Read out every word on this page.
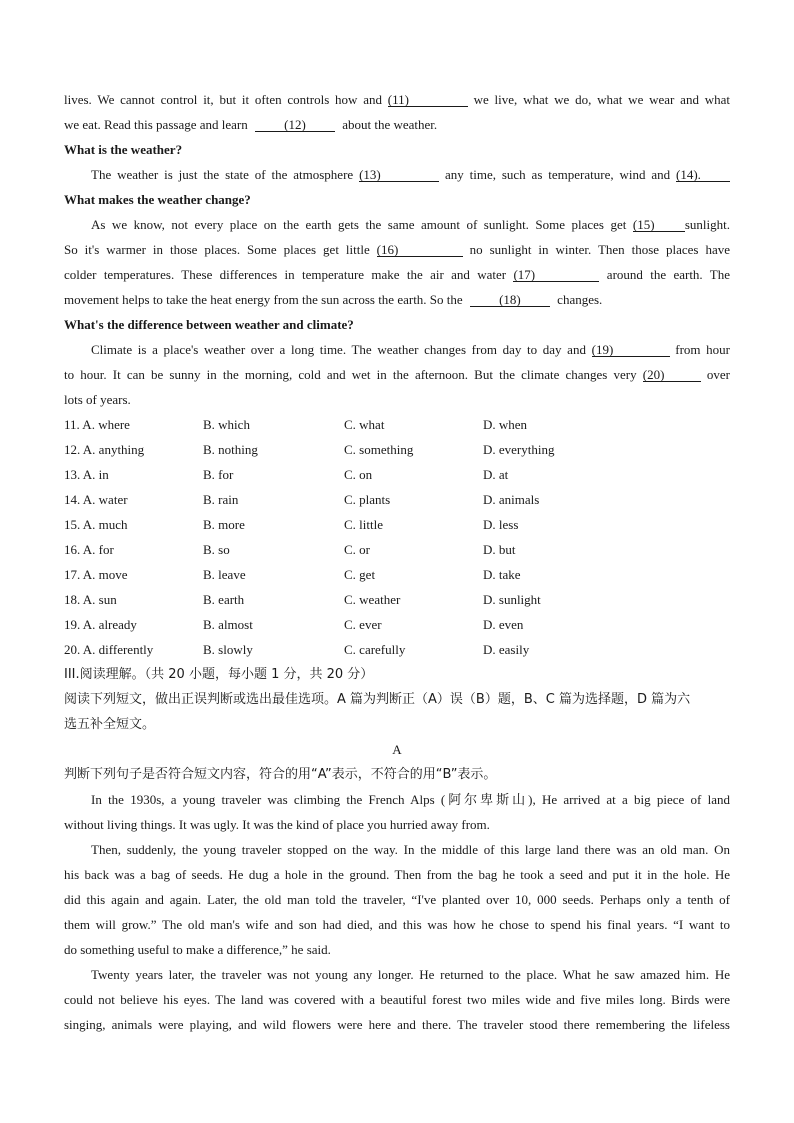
lives. We cannot control it, but it often controls how and (11)	we live, what we do, what we wear and what
we eat. Read this passage and learn	(12)	about the weather.
What is the weather?
The weather is just the state of the atmosphere (13)	any time, such as temperature, wind and (14).
What makes the weather change?
As we know, not every place on the earth gets the same amount of sunlight. Some places get (15) sunlight.
So it's warmer in those places. Some places get little (16)	no sunlight in winter. Then those places have
colder temperatures. These differences in temperature make the air and water (17)	around the earth. The
movement helps to take the heat energy from the sun across the earth. So the	(18)	changes.
What's the difference between weather and climate?
Climate is a place's weather over a long time. The weather changes from day to day and (19)	from hour
to hour. It can be sunny in the morning, cold and wet in the afternoon. But the climate changes very (20)	over
lots of years.
11. A. where	B. which	C. what	D. when
12. A. anything	B. nothing	C. something	D. everything
13. A. in	B. for	C. on	D. at
14. A. water	B. rain	C. plants	D. animals
15. A. much	B. more	C. little	D. less
16. A. for	B. so	C. or	D. but
17. A. move	B. leave	C. get	D. take
18. A. sun	B. earth	C. weather	D. sunlight
19. A. already	B. almost	C. ever	D. even
20. A. differently	B. slowly	C. carefully	D. easily
III.阅读理解。（共 20 小题，每小题 1 分，共 20 分）
阅读下列短文，做出正误判断或选出最佳选项。A 篇为判断正（A）误（B）题，B、C 篇为选择题，D 篇为六
选五补全短文。
A
判断下列句子是否符合短文内容，符合的用“A”表示，不符合的用“B”表示。
In the 1930s, a young traveler was climbing the French Alps (阿尔卑斯山), He arrived at a big piece of land
without living things. It was ugly. It was the kind of place you hurried away from.
Then, suddenly, the young traveler stopped on the way. In the middle of this large land there was an old man. On
his back was a bag of seeds. He dug a hole in the ground. Then from the bag he took a seed and put it in the hole. He
did this again and again. Later, the old man told the traveler, “I've planted over 10, 000 seeds. Perhaps only a tenth of
them will grow.” The old man's wife and son had died, and this was how he chose to spend his final years. “I want to
do something useful to make a difference,” he said.
Twenty years later, the traveler was not young any longer. He returned to the place. What he saw amazed him. He
could not believe his eyes. The land was covered with a beautiful forest two miles wide and five miles long. Birds were
singing, animals were playing, and wild flowers were here and there. The traveler stood there remembering the lifeless
